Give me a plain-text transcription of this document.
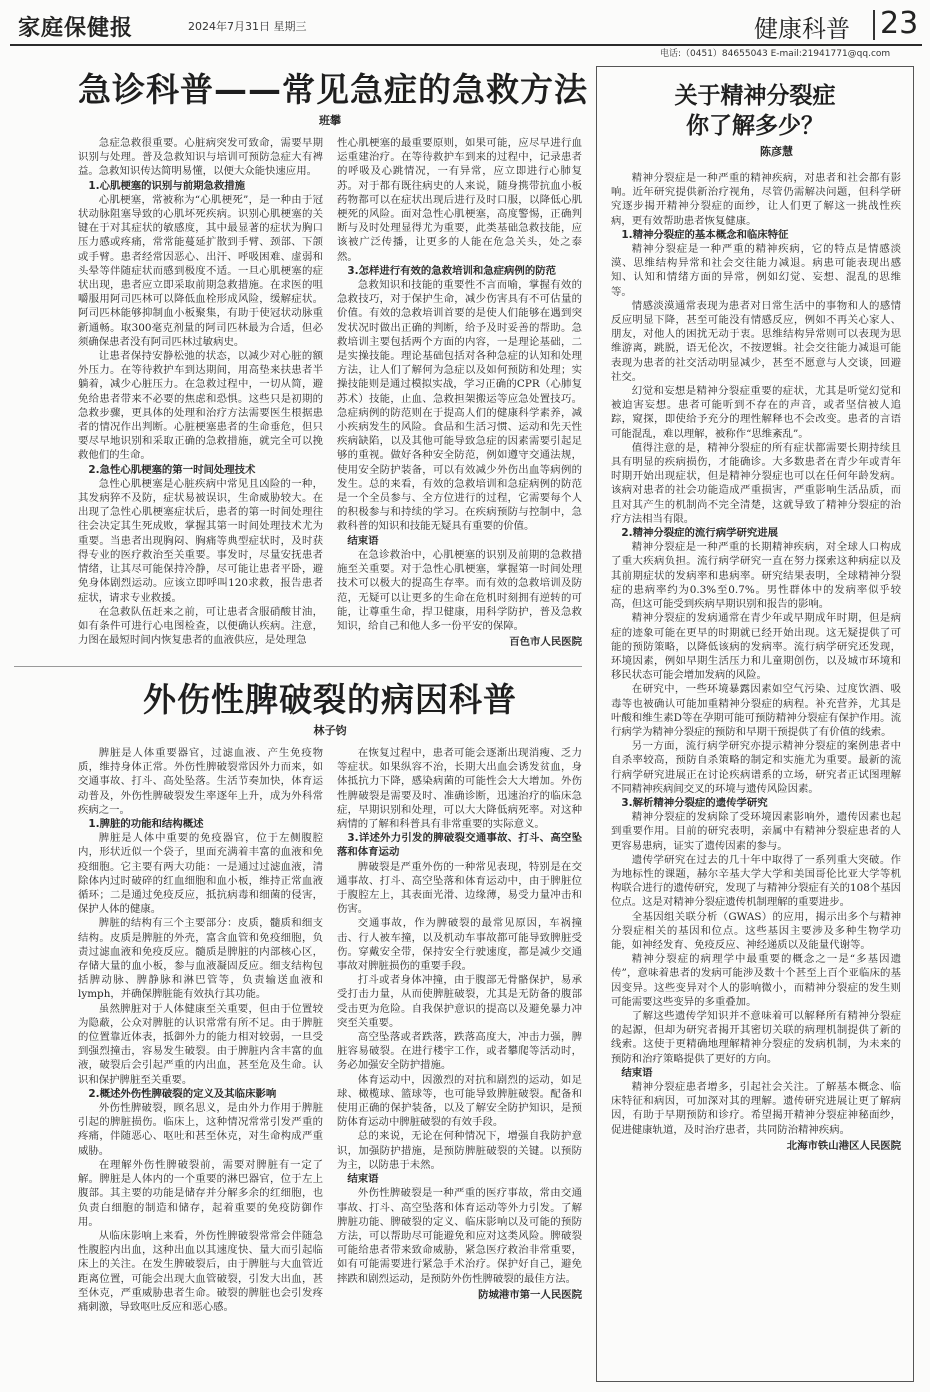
家庭保健报	2024年7月31日 星期三	健康科普 23
电话:（0451）84655043 E-mail:21941771@qq.com
急诊科普——常见急症的急救方法
班攀

急症急救很重要。心脏病突发可致命，需要早期识别与处理。普及急救知识与培训可预防急症大有裨益。急救知识传达简明易懂，以便大众能快速应用。

1.心肌梗塞的识别与前期急救措施

心肌梗塞，常被称为“心肌梗死”，是一种由于冠状动脉阻塞导致的心肌坏死疾病。识别心肌梗塞的关键在于对其症状的敏感度，其中最显著的症状为胸口压力感或疼痛，常常能蔓延扩散到手臂、颈部、下颌或手臂。患者经常因恶心、出汗、呼吸困难、虚弱和头晕等伴随症状而感到极度不适。一旦心肌梗塞的症状出现，患者应立即采取前期急救措施。在求医的咀嚼服用阿司匹林可以降低血栓形成风险，缓解症状。阿司匹林能够抑制血小板聚集，有助于使冠状动脉重新通畅。取300毫克剂量的阿司匹林最为合适，但必须确保患者没有阿司匹林过敏病史。

让患者保持安静松弛的状态，以减少对心脏的额外压力。在等待救护车到达期间，用高垫来扶患者半躺着，减少心脏压力。在急救过程中，一切从简，避免给患者带来不必要的焦虑和恐惧。这些只是初期的急救步骤，更具体的处理和治疗方法需要医生根据患者的情况作出判断。心脏梗塞患者的生命垂危，但只要尽早地识别和采取正确的急救措施，就完全可以挽救他们的生命。

2.急性心肌梗塞的第一时间处理技术

急性心肌梗塞是心脏疾病中常见且凶险的一种，其发病猝不及防，症状易被误识，生命威胁较大。在出现了急性心肌梗塞症状后，患者的第一时间处理往往会决定其生死成败，掌握其第一时间处理技术尤为重要。当患者出现胸闷、胸痛等典型症状时，及时获得专业的医疗救治至关重要。事发时，尽量安抚患者情绪，让其尽可能保持冷静，尽可能让患者平卧，避免身体剧烈运动。应该立即呼叫120求救，报告患者症状，请求专业救援。

在急救队伍赶来之前，可让患者含服硝酸甘油，如有条件可进行心电图检查，以便确认疾病。注意，力图在最短时间内恢复患者的血液供应，是处理急

性心肌梗塞的最重要原则，如果可能，应尽早进行血运重建治疗。在等待救护车到来的过程中，记录患者的呼吸及心跳情况，一有异常，应立即进行心肺复苏。对于都有既往病史的人来说，随身携带抗血小板药物都可以在症状出现后进行及时口服，以降低心肌梗死的风险。面对急性心肌梗塞，高度警惕，正确判断与及时处理显得尤为重要，此类基础急救技能，应该被广泛传播，让更多的人能在危急关头，处之泰然。

3.怎样进行有效的急救培训和急症病例的防范

急救知识和技能的重要性不言而喻，掌握有效的急救技巧，对于保护生命，减少伤害具有不可估量的价值。有效的急救培训首要的是使人们能够在遇到突发状况时做出正确的判断，给予及时妥善的帮助。急救培训主要包括两个方面的内容，一是理论基础，二是实操技能。理论基础包括对各种急症的认知和处理方法，让人们了解何为急症以及如何预防和处理；实操技能则是通过模拟实战，学习正确的CPR（心肺复苏术）技能，止血、急救担架搬运等应急处置技巧。急症病例的防范则在于提高人们的健康科学素养，减小疾病发生的风险。食品和生活习惯、运动和先天性疾病缺陷，以及其他可能导致急症的因素需要引起足够的重视。做好各种安全防范，例如遵守交通法规，使用安全防护装备，可以有效减少外伤出血等病例的发生。总的来看，有效的急救培训和急症病例的防范是一个全员参与、全方位进行的过程，它需要每个人的积极参与和持续的学习。在疾病预防与控制中，急救科普的知识和技能无疑具有重要的价值。

结束语

在急诊救治中，心肌梗塞的识别及前期的急救措施至关重要。对于急性心肌梗塞，掌握第一时间处理技术可以极大的提高生存率。而有效的急救培训及防范，无疑可以让更多的生命在危机时刻拥有逆转的可能，让尊重生命，捍卫健康，用科学防护，普及急救知识，给自己和他人多一份平安的保障。

百色市人民医院
外伤性脾破裂的病因科普
林子钧

脾脏是人体重要器官，过滤血液、产生免疫物质，维持身体正常。外伤性脾破裂常因外力而来，如交通事故、打斗、高处坠落。生活节奏加快，体育运动普及，外伤性脾破裂发生率逐年上升，成为外科常疾病之一。

1.脾脏的功能和结构概述

脾脏是人体中重要的免疫器官，位于左侧腹腔内，形状近似一个袋子，里面充满着丰富的血液和免疫细胞。它主要有两大功能：一是通过过滤血液，清除体内过时破碎的红血细胞和血小板，维持正常血液循环；二是通过免疫反应，抵抗病毒和细菌的侵害，保护人体的健康。

脾脏的结构有三个主要部分：皮质，髓质和细支结构。皮质是脾脏的外壳，富含血管和免疫细胞，负责过滤血液和免疫反应。髓质是脾脏的内部核心区，存储大量的血小板，参与血液凝固反应。细支结构包括脾动脉、脾静脉和淋巴管等，负责输送血液和 lymph，并确保脾脏能有效执行其功能。

虽然脾脏对于人体健康至关重要，但由于位置较为隐蔽，公众对脾脏的认识常常有所不足。由于脾脏的位置靠近体表，抵御外力的能力相对较弱，一旦受到强烈撞击，容易发生破裂。由于脾脏内含丰富的血液，破裂后会引起严重的内出血，甚至危及生命。认识和保护脾脏至关重要。

2.概述外伤性脾破裂的定义及其临床影响

外伤性脾破裂，顾名思义，是由外力作用于脾脏引起的脾脏损伤。临床上，这种情况常常引发严重的疼痛，伴随恶心、呕吐和甚至休克，对生命构成严重威胁。

在理解外伤性脾破裂前，需要对脾脏有一定了解。脾脏是人体内的一个重要的淋巴器官，位于左上腹部。其主要的功能是储存并分解多余的红细胞，也负责白细胞的制造和储存，起着重要的免疫防御作用。

从临床影响上来看，外伤性脾破裂常常会伴随急性腹腔内出血，这种出血以其速度快、量大而引起临床上的关注。在发生脾破裂后，由于脾脏与大血管近距离位置，可能会出现大血管破裂，引发大出血，甚至休克，严重威胁患者生命。破裂的脾脏也会引发疼痛刺激，导致呕吐反应和恶心感。

在恢复过程中，患者可能会逐渐出现消瘦、乏力等症状。如果纵容不治，长期大出血会诱发贫血，身体抵抗力下降，感染病菌的可能性会大大增加。外伤性脾破裂是需要及时、准确诊断，迅速治疗的临床急症，早期识别和处理，可以大大降低病死率。对这种病情的了解和科普具有非常重要的实际意义。

3.详述外力引发的脾破裂交通事故、打斗、高空坠落和体育运动

脾破裂是严重外伤的一种常见表现，特别是在交通事故、打斗、高空坠落和体育运动中，由于脾脏位于腹腔左上，其表面光滑、边缘薄，易受力量冲击和伤害。

交通事故，作为脾破裂的最常见原因，车祸撞击、行人被车撞，以及机动车事故都可能导致脾脏受伤。穿戴安全带，保持安全行驶速度，都是减少交通事故对脾脏损伤的重要手段。

打斗或者身体冲撞，由于腹部无骨骼保护，易承受打击力量，从而使脾脏破裂，尤其是无防备的腹部受击更为危险。自我保护意识的提高以及避免暴力冲突至关重要。

高空坠落或者跌落，跌落高度大，冲击力强，脾脏容易破裂。在进行楼宇工作，或者攀爬等活动时，务必加强安全防护措施。

体育运动中，因激烈的对抗和剧烈的运动，如足球、橄榄球、篮球等，也可能导致脾脏破裂。配备和使用正确的保护装备，以及了解安全防护知识，是预防体育运动中脾脏破裂的有效手段。

总的来说，无论在何种情况下，增强自我防护意识，加强防护措施，是预防脾脏破裂的关键。以预防为主，以防患于未然。

结束语

外伤性脾破裂是一种严重的医疗事故，常由交通事故、打斗、高空坠落和体育运动等外力引发。了解脾脏功能、脾破裂的定义、临床影响以及可能的预防方法，可以帮助尽可能避免和应对这类风险。脾破裂可能给患者带来致命威胁，紧急医疗救治非常重要，如有可能需要进行紧急手术治疗。保护好自己，避免摔跌和剧烈运动，是预防外伤性脾破裂的最佳方法。

防城港市第一人民医院
关于精神分裂症
你了解多少？
陈彦慧

精神分裂症是一种严重的精神疾病，对患者和社会都有影响。近年研究提供新治疗视角，尽管仍需解决问题，但科学研究逐步揭开精神分裂症的面纱，让人们更了解这一挑战性疾病，更有效帮助患者恢复健康。

1.精神分裂症的基本概念和临床特征

精神分裂症是一种严重的精神疾病，它的特点是情感淡漠、思维结构异常和社会交往能力减退。病患可能表现出感知、认知和情绪方面的异常，例如幻觉、妄想、混乱的思维等。

情感淡漠通常表现为患者对日常生活中的事物和人的感情反应明显下降，甚至可能没有情感反应，例如不再关心家人、朋友，对他人的困扰无动于衷。思维结构异常则可以表现为思维游离，跳脱，语无伦次，不按逻辑。社会交往能力减退可能表现为患者的社交活动明显减少，甚至不愿意与人交谈，回避社交。

幻觉和妄想是精神分裂症重要的症状，尤其是听觉幻觉和被迫害妄想。患者可能听到不存在的声音，或者坚信被人追踪，窥探，即使给予充分的理性解释也不会改变。患者的言语可能混乱，难以理解，被称作“思维紊乱”。

值得注意的是，精神分裂症的所有症状都需要长期持续且具有明显的疾病损伤，才能确诊。大多数患者在青少年或青年时期开始出现症状，但是精神分裂症也可以在任何年龄发病。该病对患者的社会功能造成严重损害，严重影响生活品质，而且对其产生的机制尚不完全清楚，这就导致了精神分裂症的治疗方法相当有限。

2.精神分裂症的流行病学研究进展

精神分裂症是一种严重的长期精神疾病，对全球人口构成了重大疾病负担。流行病学研究一直在努力探索这种病症以及其前期症状的发病率和患病率。研究结果表明，全球精神分裂症的患病率约为0.3%至0.7%。男性群体中的发病率似乎较高，但这可能受到疾病早期识别和报告的影响。

精神分裂症的发病通常在青少年或早期成年时期，但是病症的迹象可能在更早的时期就已经开始出现。这无疑提供了可能的预防策略，以降低该病的发病率。流行病学研究还发现，环境因素，例如早期生活压力和儿童期创伤，以及城市环境和移民状态可能会增加发病的风险。

在研究中，一些环境暴露因素如空气污染、过度饮酒、吸毒等也被确认可能加重精神分裂症的病程。补充营养，尤其是叶酸和维生素D等在孕期可能可预防精神分裂症有保护作用。流行病学为精神分裂症的预防和早期干预提供了有价值的线索。

另一方面，流行病学研究亦提示精神分裂症的案例患者中自杀率较高，预防自杀策略的制定和实施尤为重要。最新的流行病学研究进展正在讨论疾病谱系的立场，研究者正试图理解不同精神疾病间交叉的环境与遗传风险因素。

3.解析精神分裂症的遗传学研究

精神分裂症的发病除了受环境因素影响外，遗传因素也起到重要作用。目前的研究表明，亲属中有精神分裂症患者的人更容易患病，证实了遗传因素的参与。

遗传学研究在过去的几十年中取得了一系列重大突破。作为地标性的课题，赫尔辛基大学大学和美国哥伦比亚大学等机构联合进行的遗传研究，发现了与精神分裂症有关的108个基因位点。这是对精神分裂症遗传机制理解的重要进步。

全基因组关联分析（GWAS）的应用，揭示出多个与精神分裂症相关的基因和位点。这些基因主要涉及多种生物学功能，如神经发育、免疫反应、神经递质以及能量代谢等。

精神分裂症的病理学中最重要的概念之一是“多基因遗传”，意味着患者的发病可能涉及数十个甚至上百个亚临床的基因变异。这些变异对个人的影响微小，而精神分裂症的发生则可能需要这些变异的多重叠加。

了解这些遗传学知识并不意味着可以解释所有精神分裂症的起源，但却为研究者揭开其密切关联的病理机制提供了新的线索。这使于更精确地理解精神分裂症的发病机制，为未来的预防和治疗策略提供了更好的方向。

结束语

精神分裂症患者增多，引起社会关注。了解基本概念、临床特征和病因，可加深对其的理解。遗传研究进展让更了解病因，有助于早期预防和诊疗。希望揭开精神分裂症神秘面纱，促进健康轨道，及时治疗患者，共同防治精神疾病。

北海市铁山港区人民医院
